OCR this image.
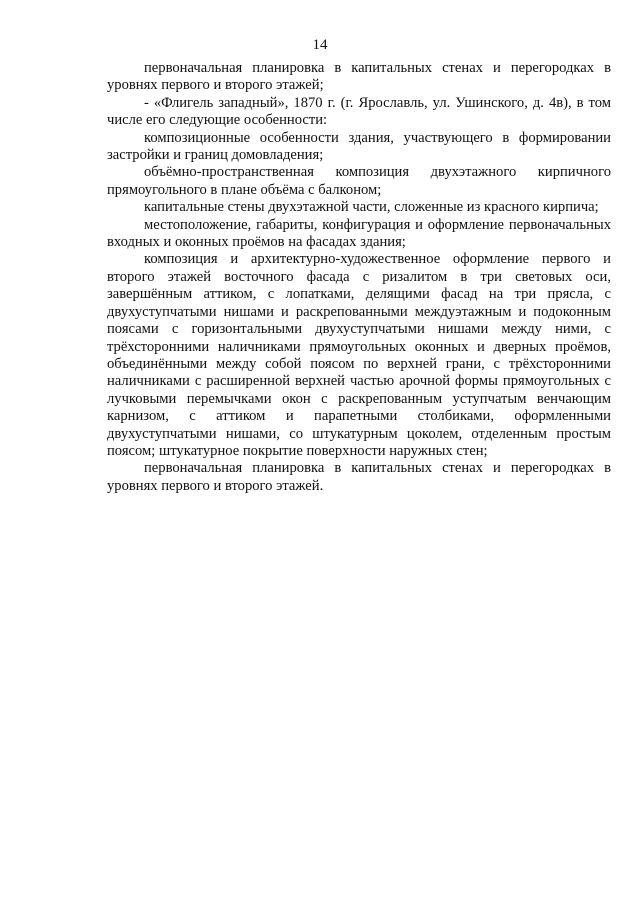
14

первоначальная планировка в капитальных стенах и перегородках в уровнях первого и второго этажей;

- «Флигель западный», 1870 г. (г. Ярославль, ул. Ушинского, д. 4в), в том числе его следующие особенности:

композиционные особенности здания, участвующего в формировании застройки и границ домовладения;

объёмно-пространственная композиция двухэтажного кирпичного прямоугольного в плане объёма с балконом;

капитальные стены двухэтажной части, сложенные из красного кирпича;

местоположение, габариты, конфигурация и оформление первоначальных входных и оконных проёмов на фасадах здания;

композиция и архитектурно-художественное оформление первого и второго этажей восточного фасада с ризалитом в три световых оси, завершённым аттиком, с лопатками, делящими фасад на три прясла, с двухуступчатыми нишами и раскрепованными междуэтажным и подоконным поясами с горизонтальными двухуступчатыми нишами между ними, с трёхсторонними наличниками прямоугольных оконных и дверных проёмов, объединёнными между собой поясом по верхней грани, с трёхсторонними наличниками с расширенной верхней частью арочной формы прямоугольных с лучковыми перемычками окон с раскрепованным уступчатым венчающим карнизом, с аттиком и парапетными столбиками, оформленными двухуступчатыми нишами, со штукатурным цоколем, отделенным простым поясом; штукатурное покрытие поверхности наружных стен;

первоначальная планировка в капитальных стенах и перегородках в уровнях первого и второго этажей.
